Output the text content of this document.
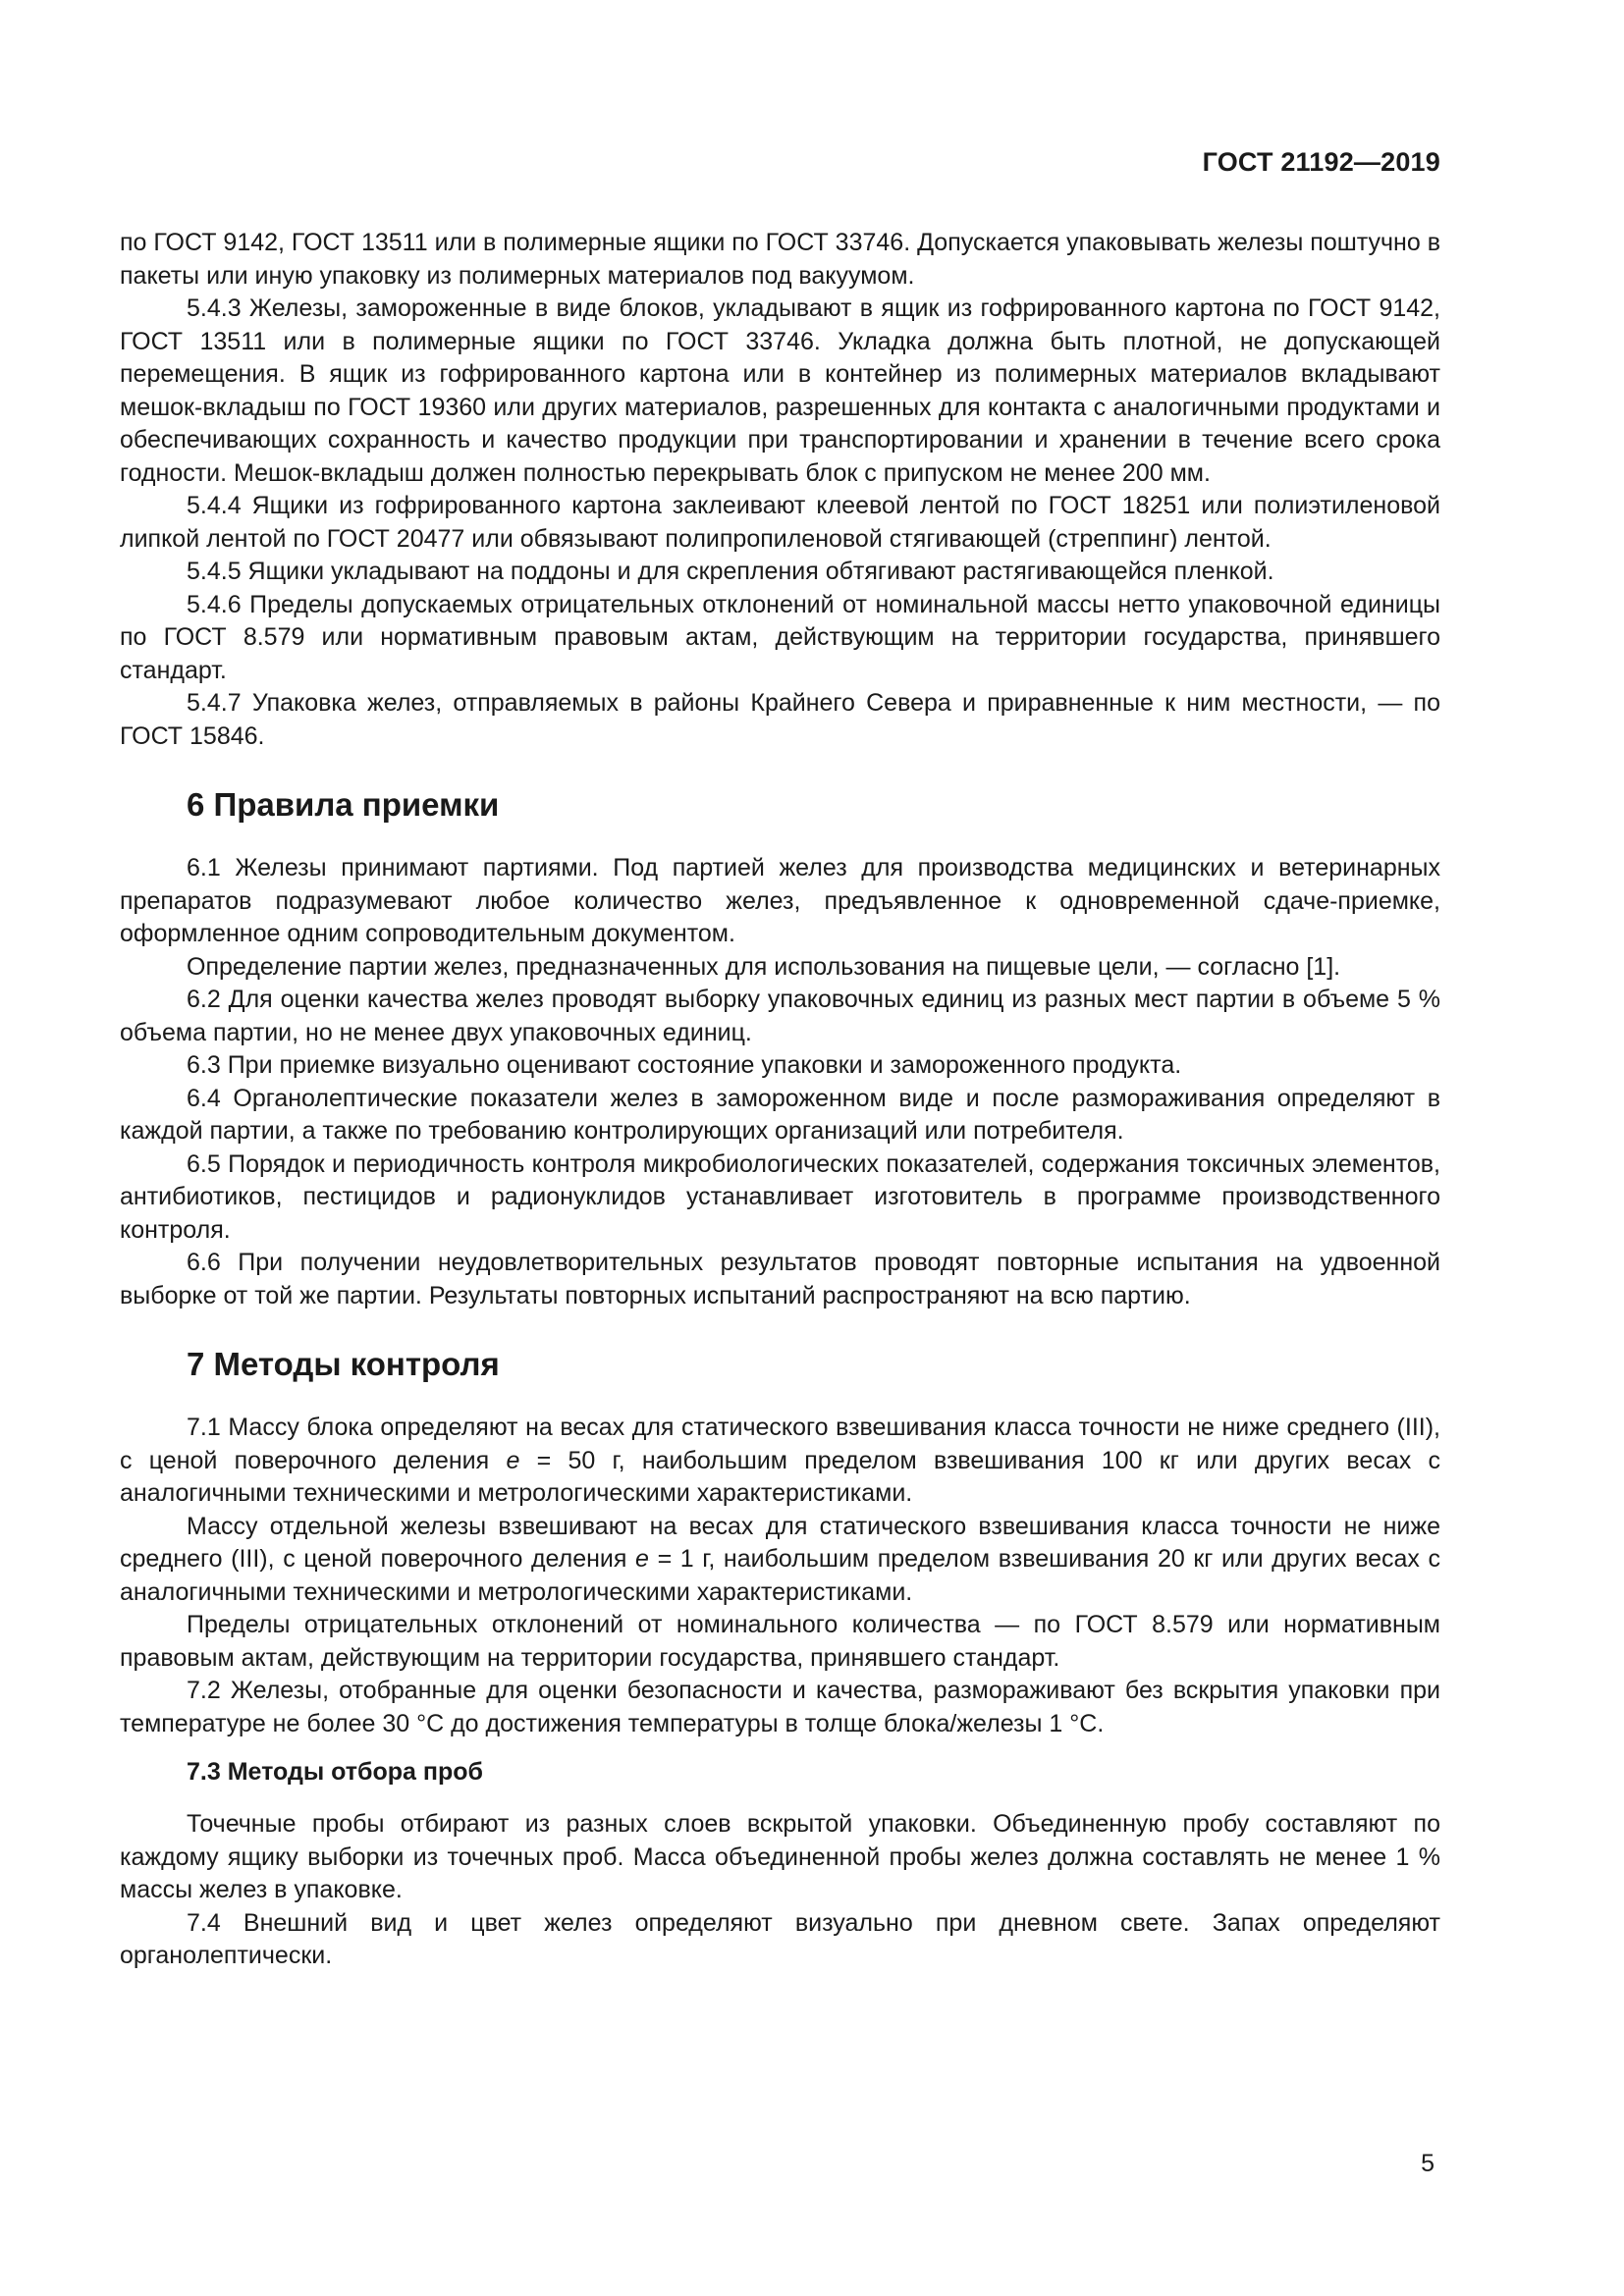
ГОСТ 21192—2019

по ГОСТ 9142, ГОСТ 13511 или в полимерные ящики по ГОСТ 33746. Допускается упаковывать железы поштучно в пакеты или иную упаковку из полимерных материалов под вакуумом.

5.4.3 Железы, замороженные в виде блоков, укладывают в ящик из гофрированного картона по ГОСТ 9142, ГОСТ 13511 или в полимерные ящики по ГОСТ 33746. Укладка должна быть плотной, не допускающей перемещения. В ящик из гофрированного картона или в контейнер из полимерных материалов вкладывают мешок-вкладыш по ГОСТ 19360 или других материалов, разрешенных для контакта с аналогичными продуктами и обеспечивающих сохранность и качество продукции при транспортировании и хранении в течение всего срока годности. Мешок-вкладыш должен полностью перекрывать блок с припуском не менее 200 мм.

5.4.4 Ящики из гофрированного картона заклеивают клеевой лентой по ГОСТ 18251 или полиэтиленовой липкой лентой по ГОСТ 20477 или обвязывают полипропиленовой стягивающей (стреппинг) лентой.

5.4.5 Ящики укладывают на поддоны и для скрепления обтягивают растягивающейся пленкой.

5.4.6 Пределы допускаемых отрицательных отклонений от номинальной массы нетто упаковочной единицы по ГОСТ 8.579 или нормативным правовым актам, действующим на территории государства, принявшего стандарт.

5.4.7 Упаковка желез, отправляемых в районы Крайнего Севера и приравненные к ним местности, — по ГОСТ 15846.

6 Правила приемки

6.1 Железы принимают партиями. Под партией желез для производства медицинских и ветеринарных препаратов подразумевают любое количество желез, предъявленное к одновременной сдаче-приемке, оформленное одним сопроводительным документом.

Определение партии желез, предназначенных для использования на пищевые цели, — согласно [1].

6.2 Для оценки качества желез проводят выборку упаковочных единиц из разных мест партии в объеме 5 % объема партии, но не менее двух упаковочных единиц.

6.3 При приемке визуально оценивают состояние упаковки и замороженного продукта.

6.4 Органолептические показатели желез в замороженном виде и после размораживания определяют в каждой партии, а также по требованию контролирующих организаций или потребителя.

6.5 Порядок и периодичность контроля микробиологических показателей, содержания токсичных элементов, антибиотиков, пестицидов и радионуклидов устанавливает изготовитель в программе производственного контроля.

6.6 При получении неудовлетворительных результатов проводят повторные испытания на удвоенной выборке от той же партии. Результаты повторных испытаний распространяют на всю партию.

7 Методы контроля

7.1 Массу блока определяют на весах для статического взвешивания класса точности не ниже среднего (III), с ценой поверочного деления e = 50 г, наибольшим пределом взвешивания 100 кг или других весах с аналогичными техническими и метрологическими характеристиками.

Массу отдельной железы взвешивают на весах для статического взвешивания класса точности не ниже среднего (III), с ценой поверочного деления e = 1 г, наибольшим пределом взвешивания 20 кг или других весах с аналогичными техническими и метрологическими характеристиками.

Пределы отрицательных отклонений от номинального количества — по ГОСТ 8.579 или нормативным правовым актам, действующим на территории государства, принявшего стандарт.

7.2 Железы, отобранные для оценки безопасности и качества, размораживают без вскрытия упаковки при температуре не более 30 °C до достижения температуры в толще блока/железы 1 °C.

7.3 Методы отбора проб

Точечные пробы отбирают из разных слоев вскрытой упаковки. Объединенную пробу составляют по каждому ящику выборки из точечных проб. Масса объединенной пробы желез должна составлять не менее 1 % массы желез в упаковке.

7.4 Внешний вид и цвет желез определяют визуально при дневном свете. Запах определяют органолептически.

5
